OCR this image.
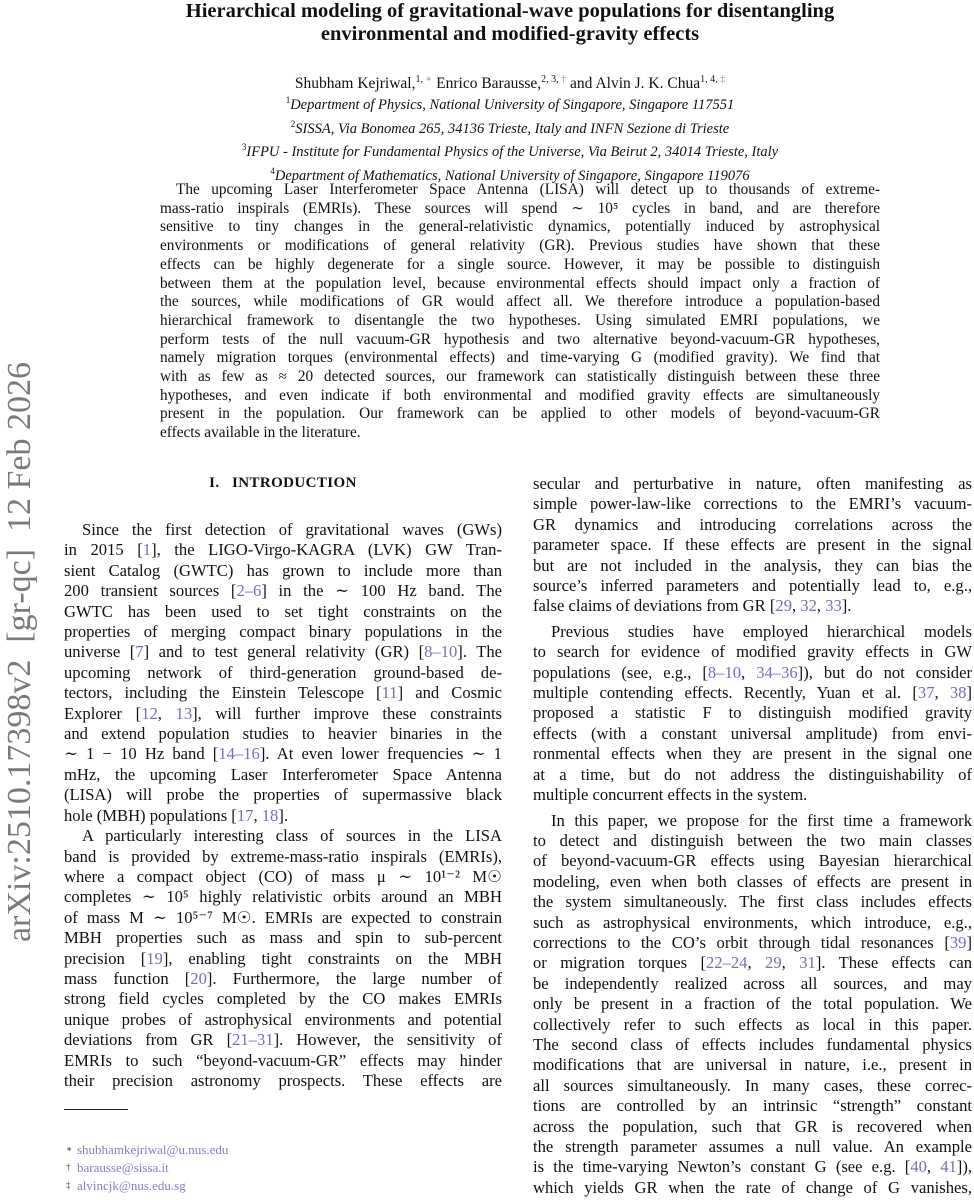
arXiv:2510.17398v2  [gr-qc]  12 Feb 2026
Hierarchical modeling of gravitational-wave populations for disentangling
environmental and modified-gravity effects
Shubham Kejriwal,$^{1, ∗}$ Enrico Barausse,$^{2, 3, \dagger}$ and Alvin J. K. Chua$^{1, 4, \ddagger}$
$^1$Department of Physics, National University of Singapore, Singapore 117551
$^2$SISSA, Via Bonomea 265, 34136 Trieste, Italy and INFN Sezione di Trieste
$^3$IFPU - Institute for Fundamental Physics of the Universe, Via Beirut 2, 34014 Trieste, Italy
$^4$Department of Mathematics, National University of Singapore, Singapore 119076
The upcoming Laser Interferometer Space Antenna (LISA) will detect up to thousands of extreme-
mass-ratio inspirals (EMRIs). These sources will spend ∼ 10⁵ cycles in band, and are therefore
sensitive to tiny changes in the general-relativistic dynamics, potentially induced by astrophysical
environments or modifications of general relativity (GR). Previous studies have shown that these
effects can be highly degenerate for a single source. However, it may be possible to distinguish
between them at the population level, because environmental effects should impact only a fraction of
the sources, while modifications of GR would affect all. We therefore introduce a population-based
hierarchical framework to disentangle the two hypotheses. Using simulated EMRI populations, we
perform tests of the null vacuum-GR hypothesis and two alternative beyond-vacuum-GR hypotheses,
namely migration torques (environmental effects) and time-varying G (modified gravity). We find that
with as few as ≈ 20 detected sources, our framework can statistically distinguish between these three
hypotheses, and even indicate if both environmental and modified gravity effects are simultaneously
present in the population. Our framework can be applied to other models of beyond-vacuum-GR
effects available in the literature.
I.   INTRODUCTION
Since the first detection of gravitational waves (GWs)
in 2015 [1], the LIGO-Virgo-KAGRA (LVK) GW Tran-
sient Catalog (GWTC) has grown to include more than
200 transient sources [2–6] in the ∼ 100 Hz band. The
GWTC has been used to set tight constraints on the
properties of merging compact binary populations in the
universe [7] and to test general relativity (GR) [8–10]. The
upcoming network of third-generation ground-based de-
tectors, including the Einstein Telescope [11] and Cosmic
Explorer [12, 13], will further improve these constraints
and extend population studies to heavier binaries in the
∼ 1 − 10 Hz band [14–16]. At even lower frequencies ∼ 1
mHz, the upcoming Laser Interferometer Space Antenna
(LISA) will probe the properties of supermassive black
hole (MBH) populations [17, 18].
A particularly interesting class of sources in the LISA
band is provided by extreme-mass-ratio inspirals (EMRIs),
where a compact object (CO) of mass μ ∼ 10¹⁻² M☉
completes ∼ 10⁵ highly relativistic orbits around an MBH
of mass M ∼ 10⁵⁻⁷ M☉. EMRIs are expected to constrain
MBH properties such as mass and spin to sub-percent
precision [19], enabling tight constraints on the MBH
mass function [20]. Furthermore, the large number of
strong field cycles completed by the CO makes EMRIs
unique probes of astrophysical environments and potential
deviations from GR [21–31]. However, the sensitivity of
EMRIs to such “beyond-vacuum-GR” effects may hinder
their precision astronomy prospects. These effects are
secular and perturbative in nature, often manifesting as
simple power-law-like corrections to the EMRI’s vacuum-
GR dynamics and introducing correlations across the
parameter space. If these effects are present in the signal
but are not included in the analysis, they can bias the
source’s inferred parameters and potentially lead to, e.g.,
false claims of deviations from GR [29, 32, 33].
Previous studies have employed hierarchical models
to search for evidence of modified gravity effects in GW
populations (see, e.g., [8–10, 34–36]), but do not consider
multiple contending effects. Recently, Yuan et al. [37, 38]
proposed a statistic F to distinguish modified gravity
effects (with a constant universal amplitude) from envi-
ronmental effects when they are present in the signal one
at a time, but do not address the distinguishability of
multiple concurrent effects in the system.
In this paper, we propose for the first time a framework
to detect and distinguish between the two main classes
of beyond-vacuum-GR effects using Bayesian hierarchical
modeling, even when both classes of effects are present in
the system simultaneously. The first class includes effects
such as astrophysical environments, which introduce, e.g.,
corrections to the CO’s orbit through tidal resonances [39]
or migration torques [22–24, 29, 31]. These effects can
be independently realized across all sources, and may
only be present in a fraction of the total population. We
collectively refer to such effects as local in this paper.
The second class of effects includes fundamental physics
modifications that are universal in nature, i.e., present in
all sources simultaneously. In many cases, these correc-
tions are controlled by an intrinsic “strength” constant
across the population, such that GR is recovered when
the strength parameter assumes a null value. An example
is the time-varying Newton’s constant G (see e.g. [40, 41]),
which yields GR when the rate of change of G vanishes,
∗ shubhamkejriwal@u.nus.edu
† barausse@sissa.it
‡ alvincjk@nus.edu.sg
